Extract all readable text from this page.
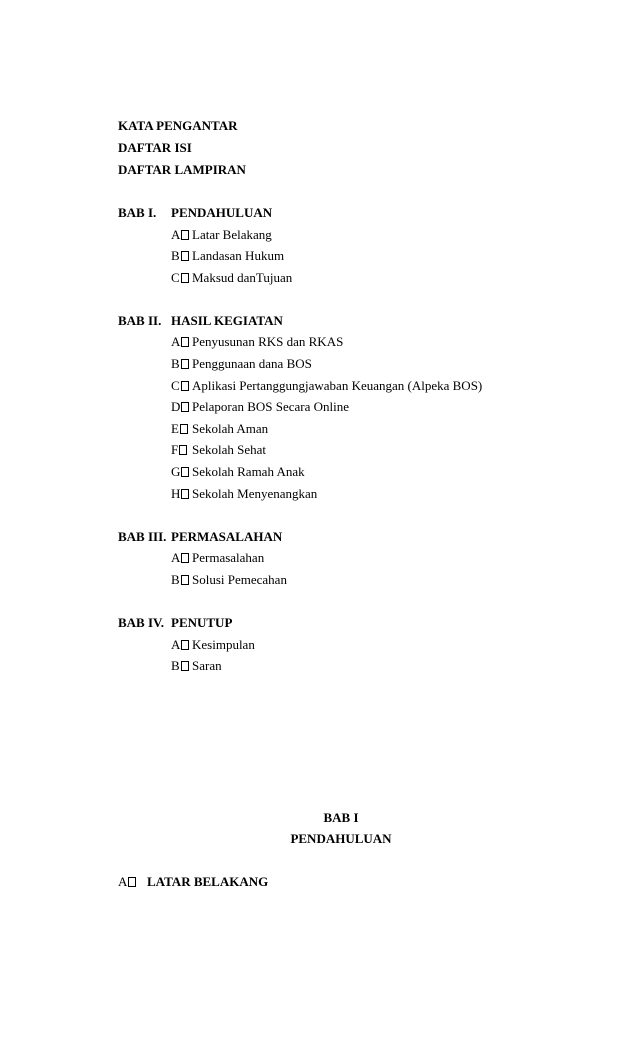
KATA PENGANTAR
DAFTAR ISI
DAFTAR LAMPIRAN
BAB I. PENDAHULUAN
A Latar Belakang
B Landasan Hukum
C Maksud danTujuan
BAB II. HASIL KEGIATAN
A Penyusunan RKS dan RKAS
B Penggunaan dana BOS
C Aplikasi Pertanggungjawaban Keuangan (Alpeka BOS)
D Pelaporan BOS Secara Online
E Sekolah Aman
F Sekolah Sehat
G Sekolah Ramah Anak
H Sekolah Menyenangkan
BAB III. PERMASALAHAN
A Permasalahan
B Solusi Pemecahan
BAB IV. PENUTUP
A Kesimpulan
B Saran
BAB I
PENDAHULUAN
A LATAR BELAKANG
